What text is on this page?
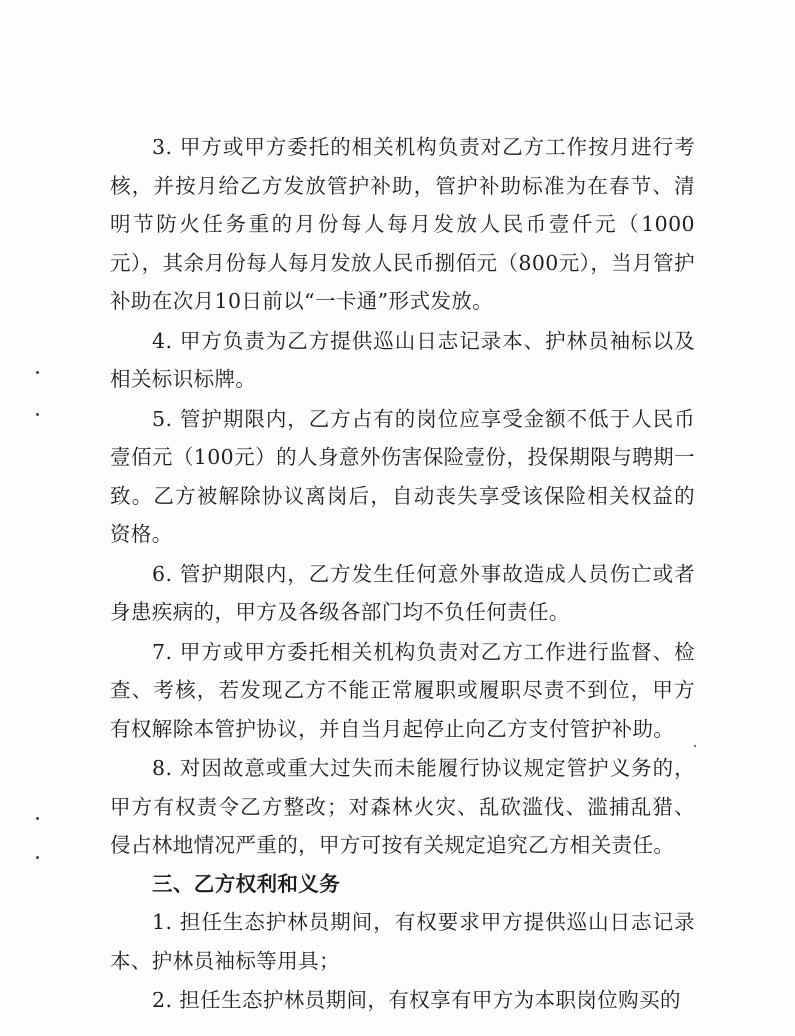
3. 甲方或甲方委托的相关机构负责对乙方工作按月进行考核，并按月给乙方发放管护补助，管护补助标准为在春节、清明节防火任务重的月份每人每月发放人民币壹仟元（1000元），其余月份每人每月发放人民币捌佰元（800元），当月管护补助在次月10日前以“一卡通”形式发放。

4. 甲方负责为乙方提供巡山日志记录本、护林员袖标以及相关标识标牌。

5. 管护期限内，乙方占有的岗位应享受金额不低于人民币壹佰元（100元）的人身意外伤害保险壹份，投保期限与聘期一致。乙方被解除协议离岗后，自动丧失享受该保险相关权益的资格。

6. 管护期限内，乙方发生任何意外事故造成人员伤亡或者身患疾病的，甲方及各级各部门均不负任何责任。

7. 甲方或甲方委托相关机构负责对乙方工作进行监督、检查、考核，若发现乙方不能正常履职或履职尽责不到位，甲方有权解除本管护协议，并自当月起停止向乙方支付管护补助。

8. 对因故意或重大过失而未能履行协议规定管护义务的，甲方有权责令乙方整改；对森林火灾、乱砍滥伐、滥捕乱猎、侵占林地情况严重的，甲方可按有关规定追究乙方相关责任。

三、乙方权利和义务

1. 担任生态护林员期间，有权要求甲方提供巡山日志记录本、护林员袖标等用具；

2. 担任生态护林员期间，有权享有甲方为本职岗位购买的
